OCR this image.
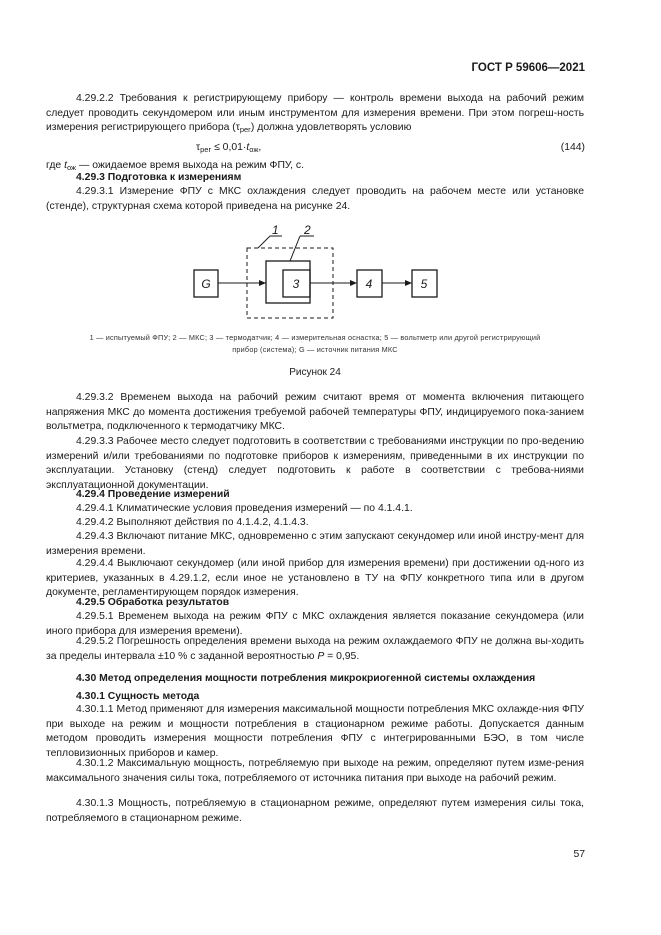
ГОСТ Р 59606—2021

4.29.2.2 Требования к регистрирующему прибору — контроль времени выхода на рабочий режим следует проводить секундомером или иным инструментом для измерения времени. При этом погреш-ность измерения регистрирующего прибора $(\tau_{рег})$ должна удовлетворять условию

$\tau_{рег} \le 0,01\cdot t_{ож}$,	(144)

где $t_{ож}$ — ожидаемое время выхода на режим ФПУ, с.

4.29.3 Подготовка к измерениям

4.29.3.1 Измерение ФПУ с МКС охлаждения следует проводить на рабочем месте или установке (стенде), структурная схема которой приведена на рисунке 24.

G	3	4	5
1 2
1 — испытуемый ФПУ; 2 — МКС; 3 — термодатчик; 4 — измерительная оснастка; 5 — вольтметр или другой регистрирующий
прибор (система); G — источник питания МКС
Рисунок 24

4.29.3.2 Временем выхода на рабочий режим считают время от момента включения питающего напряжения МКС до момента достижения требуемой рабочей температуры ФПУ, индицируемого пока-занием вольтметра, подключенного к термодатчику МКС.

4.29.3.3 Рабочее место следует подготовить в соответствии с требованиями инструкции по про-ведению измерений и/или требованиями по подготовке приборов к измерениям, приведенными в их инструкции по эксплуатации. Установку (стенд) следует подготовить к работе в соответствии с требова-ниями эксплуатационной документации.

4.29.4 Проведение измерений

4.29.4.1 Климатические условия проведения измерений — по 4.1.4.1.

4.29.4.2 Выполняют действия по 4.1.4.2, 4.1.4.3.

4.29.4.3 Включают питание МКС, одновременно с этим запускают секундомер или иной инстру-мент для измерения времени.

4.29.4.4 Выключают секундомер (или иной прибор для измерения времени) при достижении од-ного из критериев, указанных в 4.29.1.2, если иное не установлено в ТУ на ФПУ конкретного типа или в другом документе, регламентирующем порядок измерения.

4.29.5 Обработка результатов

4.29.5.1 Временем выхода на режим ФПУ с МКС охлаждения является показание секундомера (или иного прибора для измерения времени).

4.29.5.2 Погрешность определения времени выхода на режим охлаждаемого ФПУ не должна вы-ходить за пределы интервала ±10 % с заданной вероятностью P = 0,95.

4.30 Метод определения мощности потребления микрокриогенной системы охлаждения

4.30.1 Сущность метода

4.30.1.1 Метод применяют для измерения максимальной мощности потребления МКС охлажде-ния ФПУ при выходе на режим и мощности потребления в стационарном режиме работы. Допускается данным методом проводить измерения мощности потребления ФПУ с интегрированными БЭО, в том числе тепловизионных приборов и камер.

4.30.1.2 Максимальную мощность, потребляемую при выходе на режим, определяют путем изме-рения максимального значения силы тока, потребляемого от источника питания при выходе на рабочий режим.

4.30.1.3 Мощность, потребляемую в стационарном режиме, определяют путем измерения силы тока, потребляемого в стационарном режиме.

57
